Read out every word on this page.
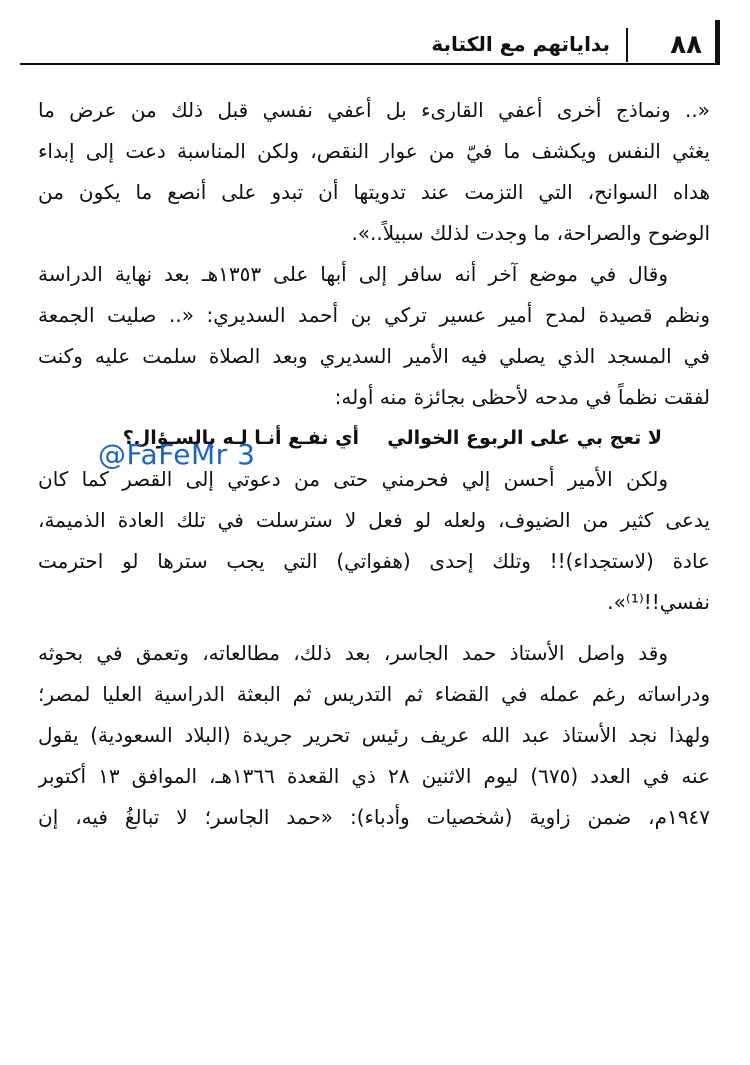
٨٨
بداياتهم مع الكتابة
«.. ونماذج أخرى أعفي القارىء بل أعفي نفسي قبل ذلك من عرض ما
يغثي النفس ويكشف ما فيّ من عوار النقص، ولكن المناسبة دعت إلى إبداء
هداه السوانح، التي التزمت عند تدويتها أن تبدو على أنصع ما يكون من
الوضوح والصراحة، ما وجدت لذلك سبيلاً..».
وقال في موضع آخر أنه سافر إلى أبها على ١٣٥٣هـ بعد نهاية الدراسة
ونظم قصيدة لمدح أمير عسير تركي بن أحمد السديري: «.. صليت الجمعة
في المسجد الذي يصلي فيه الأمير السديري وبعد الصلاة سلمت عليه وكنت
لفقت نظماً في مدحه لأحظى بجائزة منه أوله:
لا تعج بي على الربوع الخوالي
أي نفـع أنـا لـه بالسـؤال؟
ولكن الأمير أحسن إلي فحرمني حتى من دعوتي إلى القصر كما كان
يدعى كثير من الضيوف، ولعله لو فعل لا سترسلت في تلك العادة الذميمة،
عادة (لاستجداء)!! وتلك إحدى (هفواتي) التي يجب سترها لو احترمت
نفسي!!⁽¹⁾».
وقد واصل الأستاذ حمد الجاسر، بعد ذلك، مطالعاته، وتعمق في بحوثه
ودراساته رغم عمله في القضاء ثم التدريس ثم البعثة الدراسية العليا لمصر؛
ولهذا نجد الأستاذ عبد الله عريف رئيس تحرير جريدة (البلاد السعودية) يقول
عنه في العدد (٦٧٥) ليوم الاثنين ٢٨ ذي القعدة ١٣٦٦هـ، الموافق ١٣ أكتوبر
١٩٤٧م، ضمن زاوية (شخصيات وأدباء): «حمد الجاسر؛ لا تبالغُ فيه، إن
@FaFeMr 3
